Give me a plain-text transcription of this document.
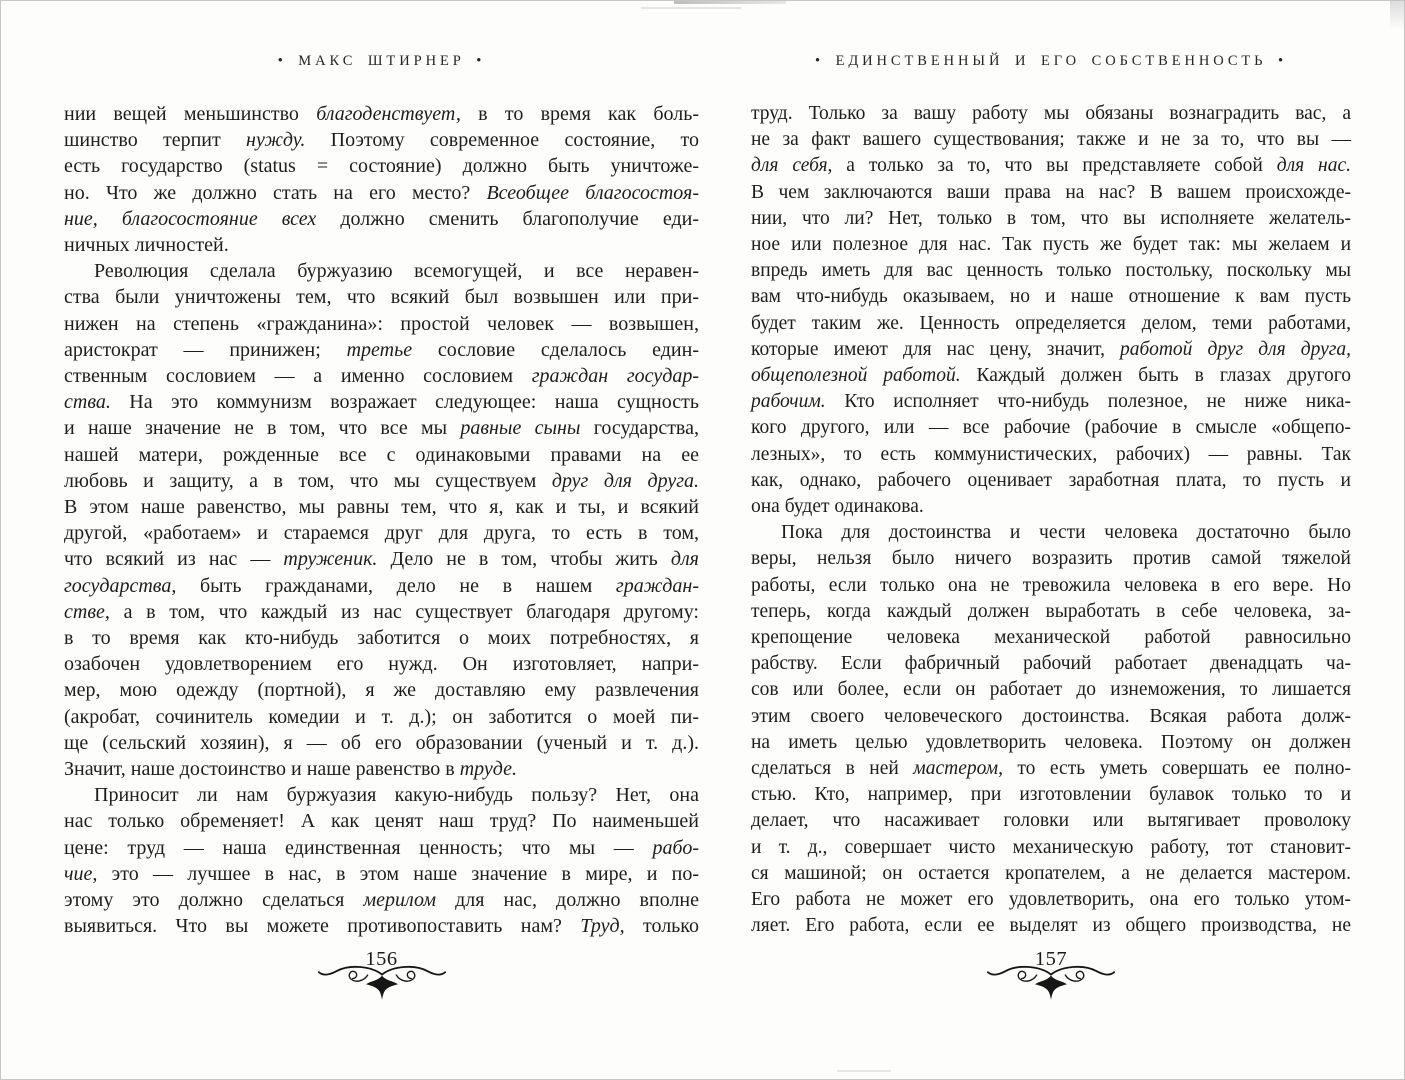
• МАКС ШТИРНЕР •
нии вещей меньшинство благоденствует, в то время как боль-
шинство терпит нужду. Поэтому современное состояние, то
есть государство (status = состояние) должно быть уничтоже-
но. Что же должно стать на его место? Всеобщее благосостоя-
ние, благосостояние всех должно сменить благополучие еди-
ничных личностей.
Революция сделала буржуазию всемогущей, и все неравен-
ства были уничтожены тем, что всякий был возвышен или при-
нижен на степень «гражданина»: простой человек — возвышен,
аристократ — принижен; третье сословие сделалось един-
ственным сословием — а именно сословием граждан государ-
ства. На это коммунизм возражает следующее: наша сущность
и наше значение не в том, что все мы равные сыны государства,
нашей матери, рожденные все с одинаковыми правами на ее
любовь и защиту, а в том, что мы существуем друг для друга.
В этом наше равенство, мы равны тем, что я, как и ты, и всякий
другой, «работаем» и стараемся друг для друга, то есть в том,
что всякий из нас — труженик. Дело не в том, чтобы жить для
государства, быть гражданами, дело не в нашем граждан-
стве, а в том, что каждый из нас существует благодаря другому:
в то время как кто-нибудь заботится о моих потребностях, я
озабочен удовлетворением его нужд. Он изготовляет, напри-
мер, мою одежду (портной), я же доставляю ему развлечения
(акробат, сочинитель комедии и т. д.); он заботится о моей пи-
ще (сельский хозяин), я — об его образовании (ученый и т. д.).
Значит, наше достоинство и наше равенство в труде.
Приносит ли нам буржуазия какую-нибудь пользу? Нет, она
нас только обременяет! А как ценят наш труд? По наименьшей
цене: труд — наша единственная ценность; что мы — рабо-
чие, это — лучшее в нас, в этом наше значение в мире, и по-
этому это должно сделаться мерилом для нас, должно вполне
выявиться. Что вы можете противопоставить нам? Труд, только
156
• ЕДИНСТВЕННЫЙ И ЕГО СОБСТВЕННОСТЬ •
труд. Только за вашу работу мы обязаны вознаградить вас, а
не за факт вашего существования; также и не за то, что вы —
для себя, а только за то, что вы представляете собой для нас.
В чем заключаются ваши права на нас? В вашем происхожде-
нии, что ли? Нет, только в том, что вы исполняете желатель-
ное или полезное для нас. Так пусть же будет так: мы желаем и
впредь иметь для вас ценность только постольку, поскольку мы
вам что-нибудь оказываем, но и наше отношение к вам пусть
будет таким же. Ценность определяется делом, теми работами,
которые имеют для нас цену, значит, работой друг для друга,
общеполезной работой. Каждый должен быть в глазах другого
рабочим. Кто исполняет что-нибудь полезное, не ниже ника-
кого другого, или — все рабочие (рабочие в смысле «общепо-
лезных», то есть коммунистических, рабочих) — равны. Так
как, однако, рабочего оценивает заработная плата, то пусть и
она будет одинакова.
Пока для достоинства и чести человека достаточно было
веры, нельзя было ничего возразить против самой тяжелой
работы, если только она не тревожила человека в его вере. Но
теперь, когда каждый должен выработать в себе человека, за-
крепощение человека механической работой равносильно
рабству. Если фабричный рабочий работает двенадцать ча-
сов или более, если он работает до изнеможения, то лишается
этим своего человеческого достоинства. Всякая работа долж-
на иметь целью удовлетворить человека. Поэтому он должен
сделаться в ней мастером, то есть уметь совершать ее полно-
стью. Кто, например, при изготовлении булавок только то и
делает, что насаживает головки или вытягивает проволоку
и т. д., совершает чисто механическую работу, тот становит-
ся машиной; он остается кропателем, а не делается мастером.
Его работа не может его удовлетворить, она его только утом-
ляет. Его работа, если ее выделят из общего производства, не
157
